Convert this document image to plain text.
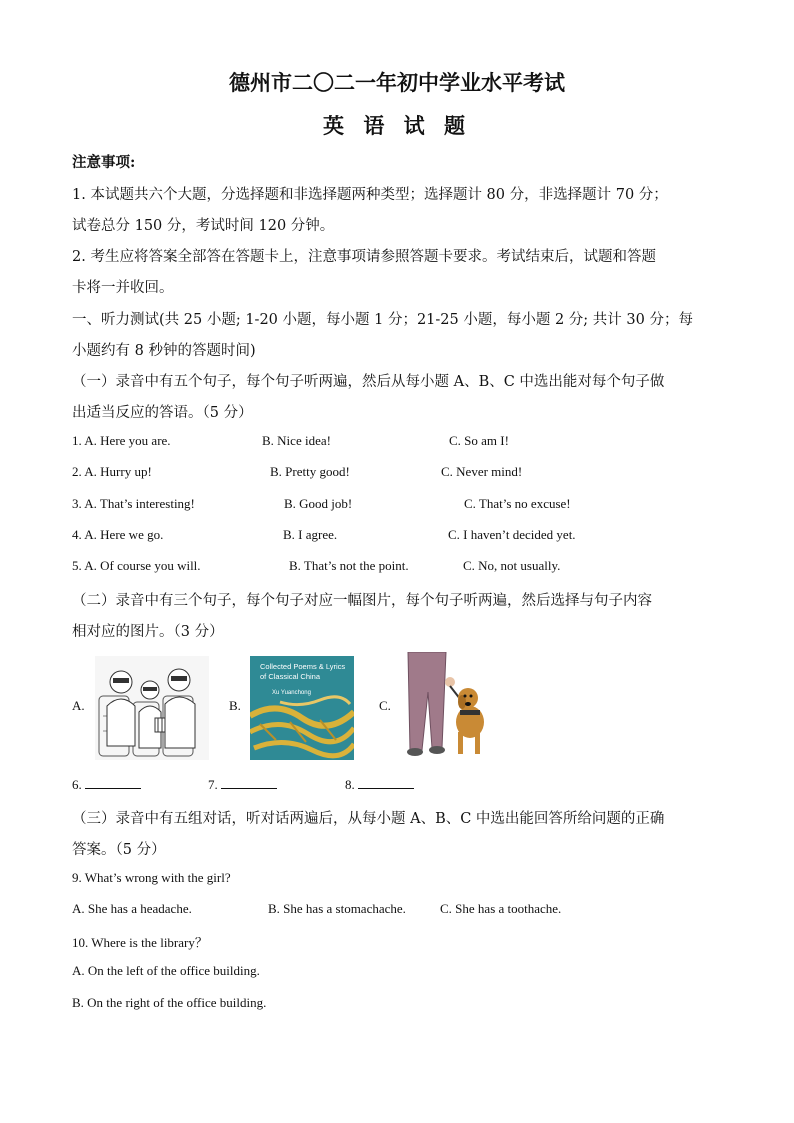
德州市二〇二一年初中学业水平考试
英 语 试 题
注意事项:
1. 本试题共六个大题，分选择题和非选择题两种类型；选择题计 80 分，非选择题计 70 分；
试卷总分 150 分，考试时间 120 分钟。
2. 考生应将答案全部答在答题卡上，注意事项请参照答题卡要求。考试结束后，试题和答题
卡将一并收回。
一、听力测试(共 25 小题; 1-20 小题，每小题 1 分；21-25 小题，每小题 2 分; 共计 30 分；每
小题约有 8 秒钟的答题时间)
（一）录音中有五个句子，每个句子听两遍，然后从每小题 A、B、C 中选出能对每个句子做
出适当反应的答语。（5 分）
1. A. Here you are.	B. Nice idea!	C. So am I!
2. A. Hurry up!	B. Pretty good!	C. Never mind!
3. A. That’s interesting!	B. Good job!	C. That’s no excuse!
4. A. Here we go.	B. I agree.	C. I haven’t decided yet.
5. A. Of course you will.	B. That’s not the point.	C. No, not usually.
（二）录音中有三个句子，每个句子对应一幅图片，每个句子听两遍，然后选择与句子内容
相对应的图片。（3 分）
A.	B.
Collected Poems & Lyrics
of Classical China
Xu Yuanchong
C.
6.	7.	8.
（三）录音中有五组对话，听对话两遍后，从每小题 A、B、C 中选出能回答所给问题的正确
答案。（5 分）
9. What’s wrong with the girl?
A. She has a headache.	B. She has a stomachache.	C. She has a toothache.
10. Where is the library？
A. On the left of the office building.
B. On the right of the office building.
